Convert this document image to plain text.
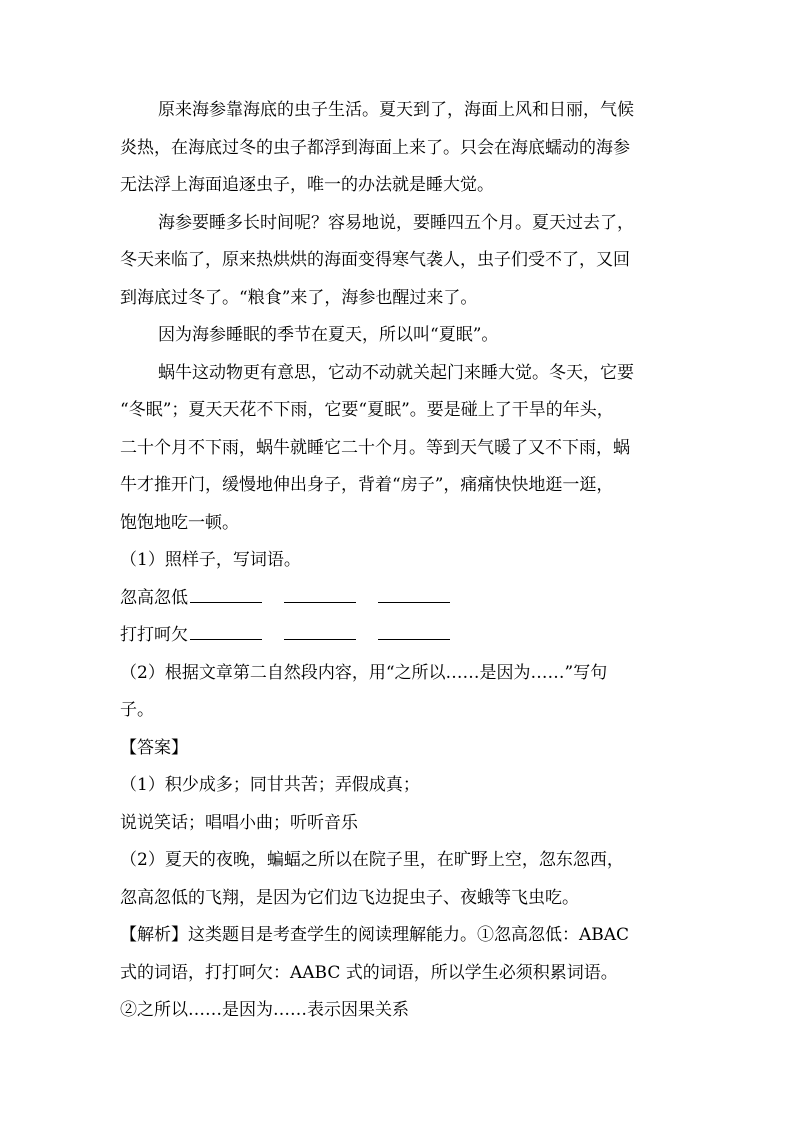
原来海参靠海底的虫子生活。夏天到了，海面上风和日丽，气候

炎热，在海底过冬的虫子都浮到海面上来了。只会在海底蠕动的海参

无法浮上海面追逐虫子，唯一的办法就是睡大觉。

海参要睡多长时间呢？容易地说，要睡四五个月。夏天过去了，

冬天来临了，原来热烘烘的海面变得寒气袭人，虫子们受不了，又回

到海底过冬了。“粮食”来了，海参也醒过来了。

因为海参睡眠的季节在夏天，所以叫“夏眠”。

蜗牛这动物更有意思，它动不动就关起门来睡大觉。冬天，它要

“冬眠”；夏天天花不下雨，它要“夏眠”。要是碰上了干旱的年头，

二十个月不下雨，蜗牛就睡它二十个月。等到天气暖了又不下雨，蜗

牛才推开门，缓慢地伸出身子，背着“房子”，痛痛快快地逛一逛，

饱饱地吃一顿。

（1）照样子，写词语。

忽高忽低

打打呵欠

（2）根据文章第二自然段内容，用“之所以……是因为……”写句

子。

【答案】

（1）积少成多；同甘共苦；弄假成真；

说说笑话；唱唱小曲；听听音乐

（2）夏天的夜晚，蝙蝠之所以在院子里，在旷野上空，忽东忽西，

忽高忽低的飞翔，是因为它们边飞边捉虫子、夜蛾等飞虫吃。

【解析】这类题目是考查学生的阅读理解能力。①忽高忽低：ABAC

式的词语，打打呵欠：AABC 式的词语，所以学生必须积累词语。

②之所以……是因为……表示因果关系
